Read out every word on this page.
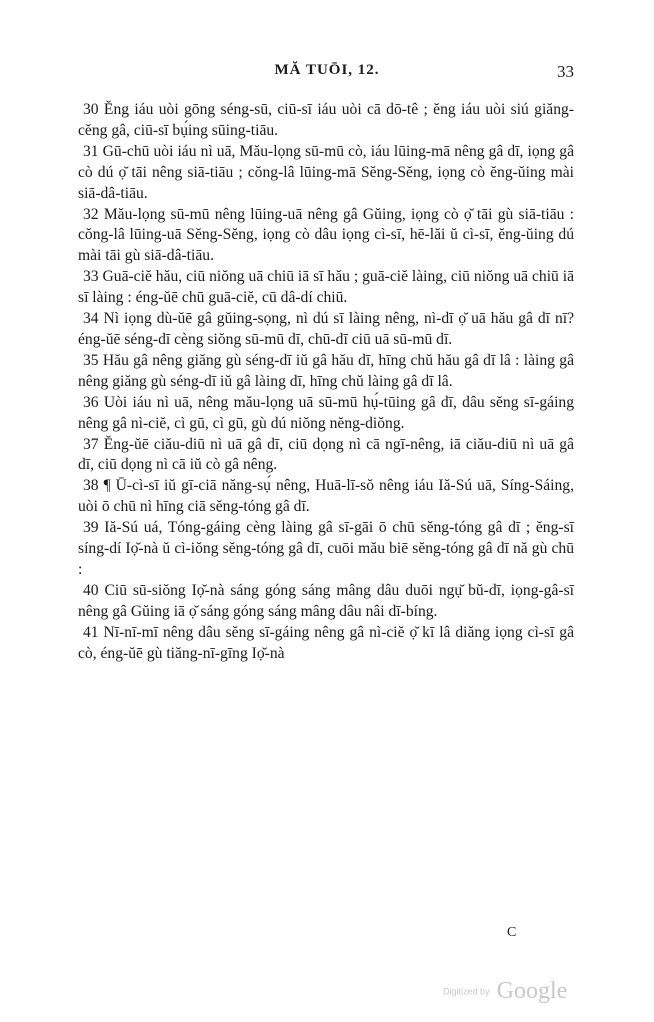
MĂ TUŌI, 12.	33

30 Ĕng iáu uòi gōng séng-sū, ciū-sī iáu uòi cā dō-tê ; ĕng iáu uòi siú giăng-cĕng gâ, ciū-sī bụ́ing sūing-tiāu.

31 Gū-chū uòi iáu nì uā, Mău-lọng sū-mū cò, iáu lūing-mā nêng gâ dī, iọng gâ cò dú ọ̆ tāi nêng siā-tiāu ; cŏng-lâ lūing-mā Sĕng-Sĕng, iọng cò ĕng-ŭing mài siā-dâ-tiāu.

32 Mău-lọng sū-mū nêng lūing-uā nêng gâ Gŭing, iọng cò ọ̆ tāi gù siā-tiāu : cŏng-lâ lūing-uā Sĕng-Sĕng, iọng cò dâu iọng cì-sī, hē-lăi ŭ cì-sī, ĕng-ŭing dú mài tāi gù siā-dâ-tiāu.

33 Guā-ciĕ hău, ciū niŏng uā chiū iā sī hău ; guā-ciĕ làing, ciū niŏng uā chiū iā sī làing : éng-ŭē chū guā-ciĕ, cū dâ-dí chiū.

34 Nì iọng dù-ŭē gâ gŭing-sọng, nì dú sī làing nêng, nì-dī ọ̆ uā hău gâ dī nī? éng-ŭē séng-dī cèng siŏng sū-mū dī, chū-dī ciū uā sū-mū dī.

35 Hău gâ nêng giăng gù séng-dī iŭ gâ hău dī, hīng chŭ hău gâ dī lâ : làing gâ nêng giăng gù séng-dī iŭ gâ làing dī, hīng chŭ làing gâ dī lâ.

36 Uòi iáu nì uā, nêng mău-lọng uā sū-mū hụ́-tūing gâ dī, dâu sĕng sī-gáing nêng gâ nì-ciĕ, cì gū, cì gū, gù dú niŏng nĕng-diŏng.

37 Ĕng-ŭē ciău-diū nì uā gâ dī, ciū dọng nì cā ngī-nêng, iā ciău-diū nì uā gâ dī, ciū dọng nì cā iŭ cò gâ nêng.

38 ¶ Ū-cì-sī iŭ gī-ciā năng-sụ́ nêng, Huā-lī-sŏ nêng iáu Iă-Sú uā, Síng-Sáing, uòi ō chū nì hīng ciā sĕng-tóng gâ dī.

39 Iă-Sú uá, Tóng-gáing cèng làing gâ sī-gāi ō chū sĕng-tóng gâ dī ; ĕng-sī síng-dí Iọ̆-nà ŭ cì-iŏng sĕng-tóng gâ dī, cuōi mău biē sĕng-tóng gâ dī nă gù chū :

40 Ciū sū-siŏng Iọ̆-nà sáng góng sáng mâng dâu duōi ngụ̆ bŭ-dī, iọng-gâ-sī nêng gâ Gŭing iā ọ̆ sáng góng sáng mâng dâu nâi dī-bíng.

41 Nī-nī-mī nêng dâu sĕng sī-gáing nêng gâ nì-ciĕ ọ̆ kī lâ diăng iọng cì-sī gâ cò, éng-ŭē gù tiăng-nī-gīng Iọ̆-nà

C
Digitized by Google
